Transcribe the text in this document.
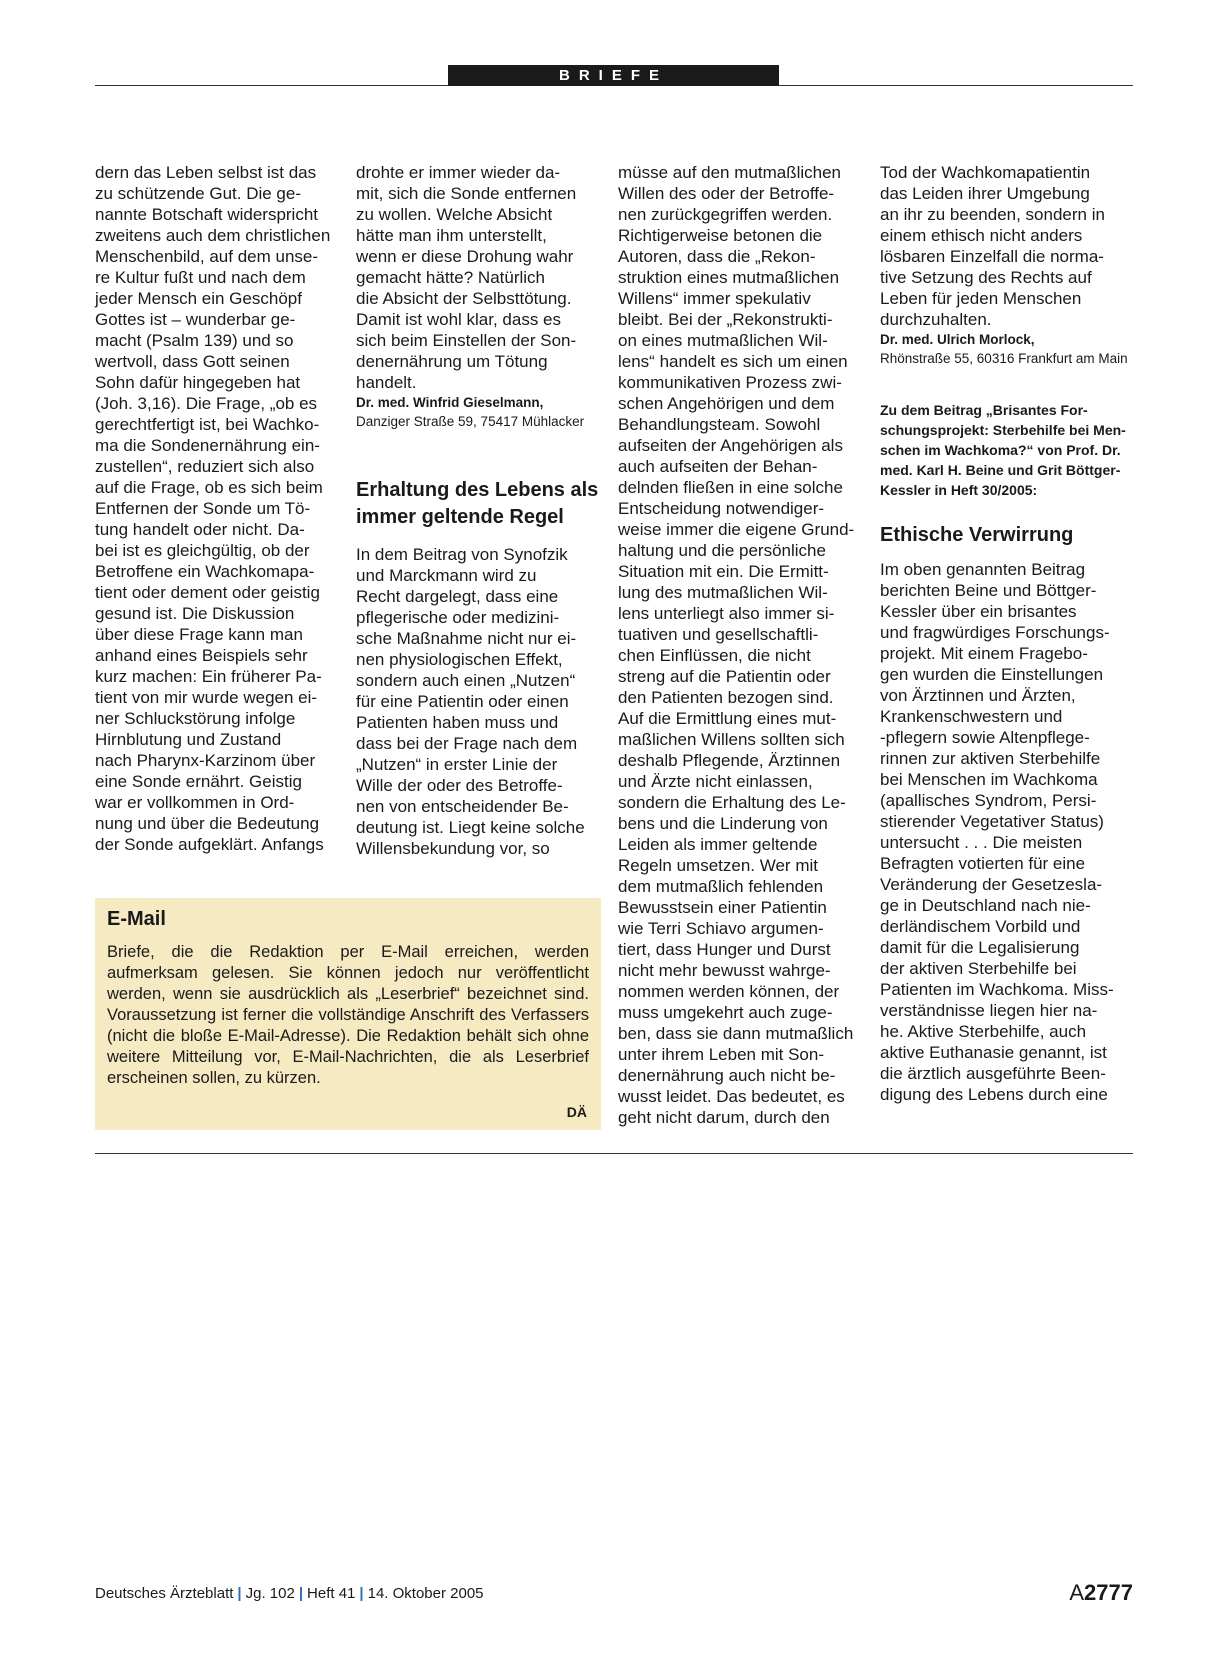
BRIEFE
dern das Leben selbst ist das
zu schützende Gut. Die ge-
nannte Botschaft widerspricht
zweitens auch dem christlichen
Menschenbild, auf dem unse-
re Kultur fußt und nach dem
jeder Mensch ein Geschöpf
Gottes ist – wunderbar ge-
macht (Psalm 139) und so
wertvoll, dass Gott seinen
Sohn dafür hingegeben hat
(Joh. 3,16). Die Frage, „ob es
gerechtfertigt ist, bei Wachko-
ma die Sondenernährung ein-
zustellen“, reduziert sich also
auf die Frage, ob es sich beim
Entfernen der Sonde um Tö-
tung handelt oder nicht. Da-
bei ist es gleichgültig, ob der
Betroffene ein Wachkomapa-
tient oder dement oder geistig
gesund ist. Die Diskussion
über diese Frage kann man
anhand eines Beispiels sehr
kurz machen: Ein früherer Pa-
tient von mir wurde wegen ei-
ner Schluckstörung infolge
Hirnblutung und Zustand
nach Pharynx-Karzinom über
eine Sonde ernährt. Geistig
war er vollkommen in Ord-
nung und über die Bedeutung
der Sonde aufgeklärt. Anfangs
drohte er immer wieder da-
mit, sich die Sonde entfernen
zu wollen. Welche Absicht
hätte man ihm unterstellt,
wenn er diese Drohung wahr
gemacht hätte? Natürlich
die Absicht der Selbsttötung.
Damit ist wohl klar, dass es
sich beim Einstellen der Son-
denernährung um Tötung
handelt.

Dr. med. Winfrid Gieselmann,

Danziger Straße 59, 75417 Mühlacker

Erhaltung des Lebens als

immer geltende Regel

In dem Beitrag von Synofzik
und Marckmann wird zu
Recht dargelegt, dass eine
pflegerische oder medizini-
sche Maßnahme nicht nur ei-
nen physiologischen Effekt,
sondern auch einen „Nutzen“
für eine Patientin oder einen
Patienten haben muss und
dass bei der Frage nach dem
„Nutzen“ in erster Linie der
Wille der oder des Betroffe-
nen von entscheidender Be-
deutung ist. Liegt keine solche
Willensbekundung vor, so
müsse auf den mutmaßlichen
Willen des oder der Betroffe-
nen zurückgegriffen werden.
Richtigerweise betonen die
Autoren, dass die „Rekon-
struktion eines mutmaßlichen
Willens“ immer spekulativ
bleibt. Bei der „Rekonstrukti-
on eines mutmaßlichen Wil-
lens“ handelt es sich um einen
kommunikativen Prozess zwi-
schen Angehörigen und dem
Behandlungsteam. Sowohl
aufseiten der Angehörigen als
auch aufseiten der Behan-
delnden fließen in eine solche
Entscheidung notwendiger-
weise immer die eigene Grund-
haltung und die persönliche
Situation mit ein. Die Ermitt-
lung des mutmaßlichen Wil-
lens unterliegt also immer si-
tuativen und gesellschaftli-
chen Einflüssen, die nicht
streng auf die Patientin oder
den Patienten bezogen sind.
Auf die Ermittlung eines mut-
maßlichen Willens sollten sich
deshalb Pflegende, Ärztinnen
und Ärzte nicht einlassen,
sondern die Erhaltung des Le-
bens und die Linderung von
Leiden als immer geltende
Regeln umsetzen. Wer mit
dem mutmaßlich fehlenden
Bewusstsein einer Patientin
wie Terri Schiavo argumen-
tiert, dass Hunger und Durst
nicht mehr bewusst wahrge-
nommen werden können, der
muss umgekehrt auch zuge-
ben, dass sie dann mutmaßlich
unter ihrem Leben mit Son-
denernährung auch nicht be-
wusst leidet. Das bedeutet, es
geht nicht darum, durch den
Tod der Wachkomapatientin
das Leiden ihrer Umgebung
an ihr zu beenden, sondern in
einem ethisch nicht anders
lösbaren Einzelfall die norma-
tive Setzung des Rechts auf
Leben für jeden Menschen
durchzuhalten.

Dr. med. Ulrich Morlock,

Rhönstraße 55, 60316 Frankfurt am Main

Zu dem Beitrag „Brisantes For-
schungsprojekt: Sterbehilfe bei Men-
schen im Wachkoma?“ von Prof. Dr.
med. Karl H. Beine und Grit Böttger-
Kessler in Heft 30/2005:

Ethische Verwirrung

Im oben genannten Beitrag
berichten Beine und Böttger-
Kessler über ein brisantes
und fragwürdiges Forschungs-
projekt. Mit einem Fragebo-
gen wurden die Einstellungen
von Ärztinnen und Ärzten,
Krankenschwestern und
-pflegern sowie Altenpflege-
rinnen zur aktiven Sterbehilfe
bei Menschen im Wachkoma
(apallisches Syndrom, Persi-
stierender Vegetativer Status)
untersucht . . . Die meisten
Befragten votierten für eine
Veränderung der Gesetzesla-
ge in Deutschland nach nie-
derländischem Vorbild und
damit für die Legalisierung
der aktiven Sterbehilfe bei
Patienten im Wachkoma. Miss-
verständnisse liegen hier na-
he. Aktive Sterbehilfe, auch
aktive Euthanasie genannt, ist
die ärztlich ausgeführte Been-
digung des Lebens durch eine
E-Mail
Briefe, die die Redaktion per E-Mail erreichen, werden aufmerksam gelesen. Sie können jedoch nur veröffentlicht werden, wenn sie ausdrücklich als „Leserbrief“ bezeichnet sind. Voraussetzung ist ferner die vollständige Anschrift des Verfassers (nicht die bloße E-Mail-Adresse). Die Redaktion behält sich ohne weitere Mitteilung vor, E-Mail-Nachrichten, die als Leserbrief erscheinen sollen, zu kürzen.
DÄ
Deutsches Ärzteblatt | Jg. 102 | Heft 41 | 14. Oktober 2005	A2777
